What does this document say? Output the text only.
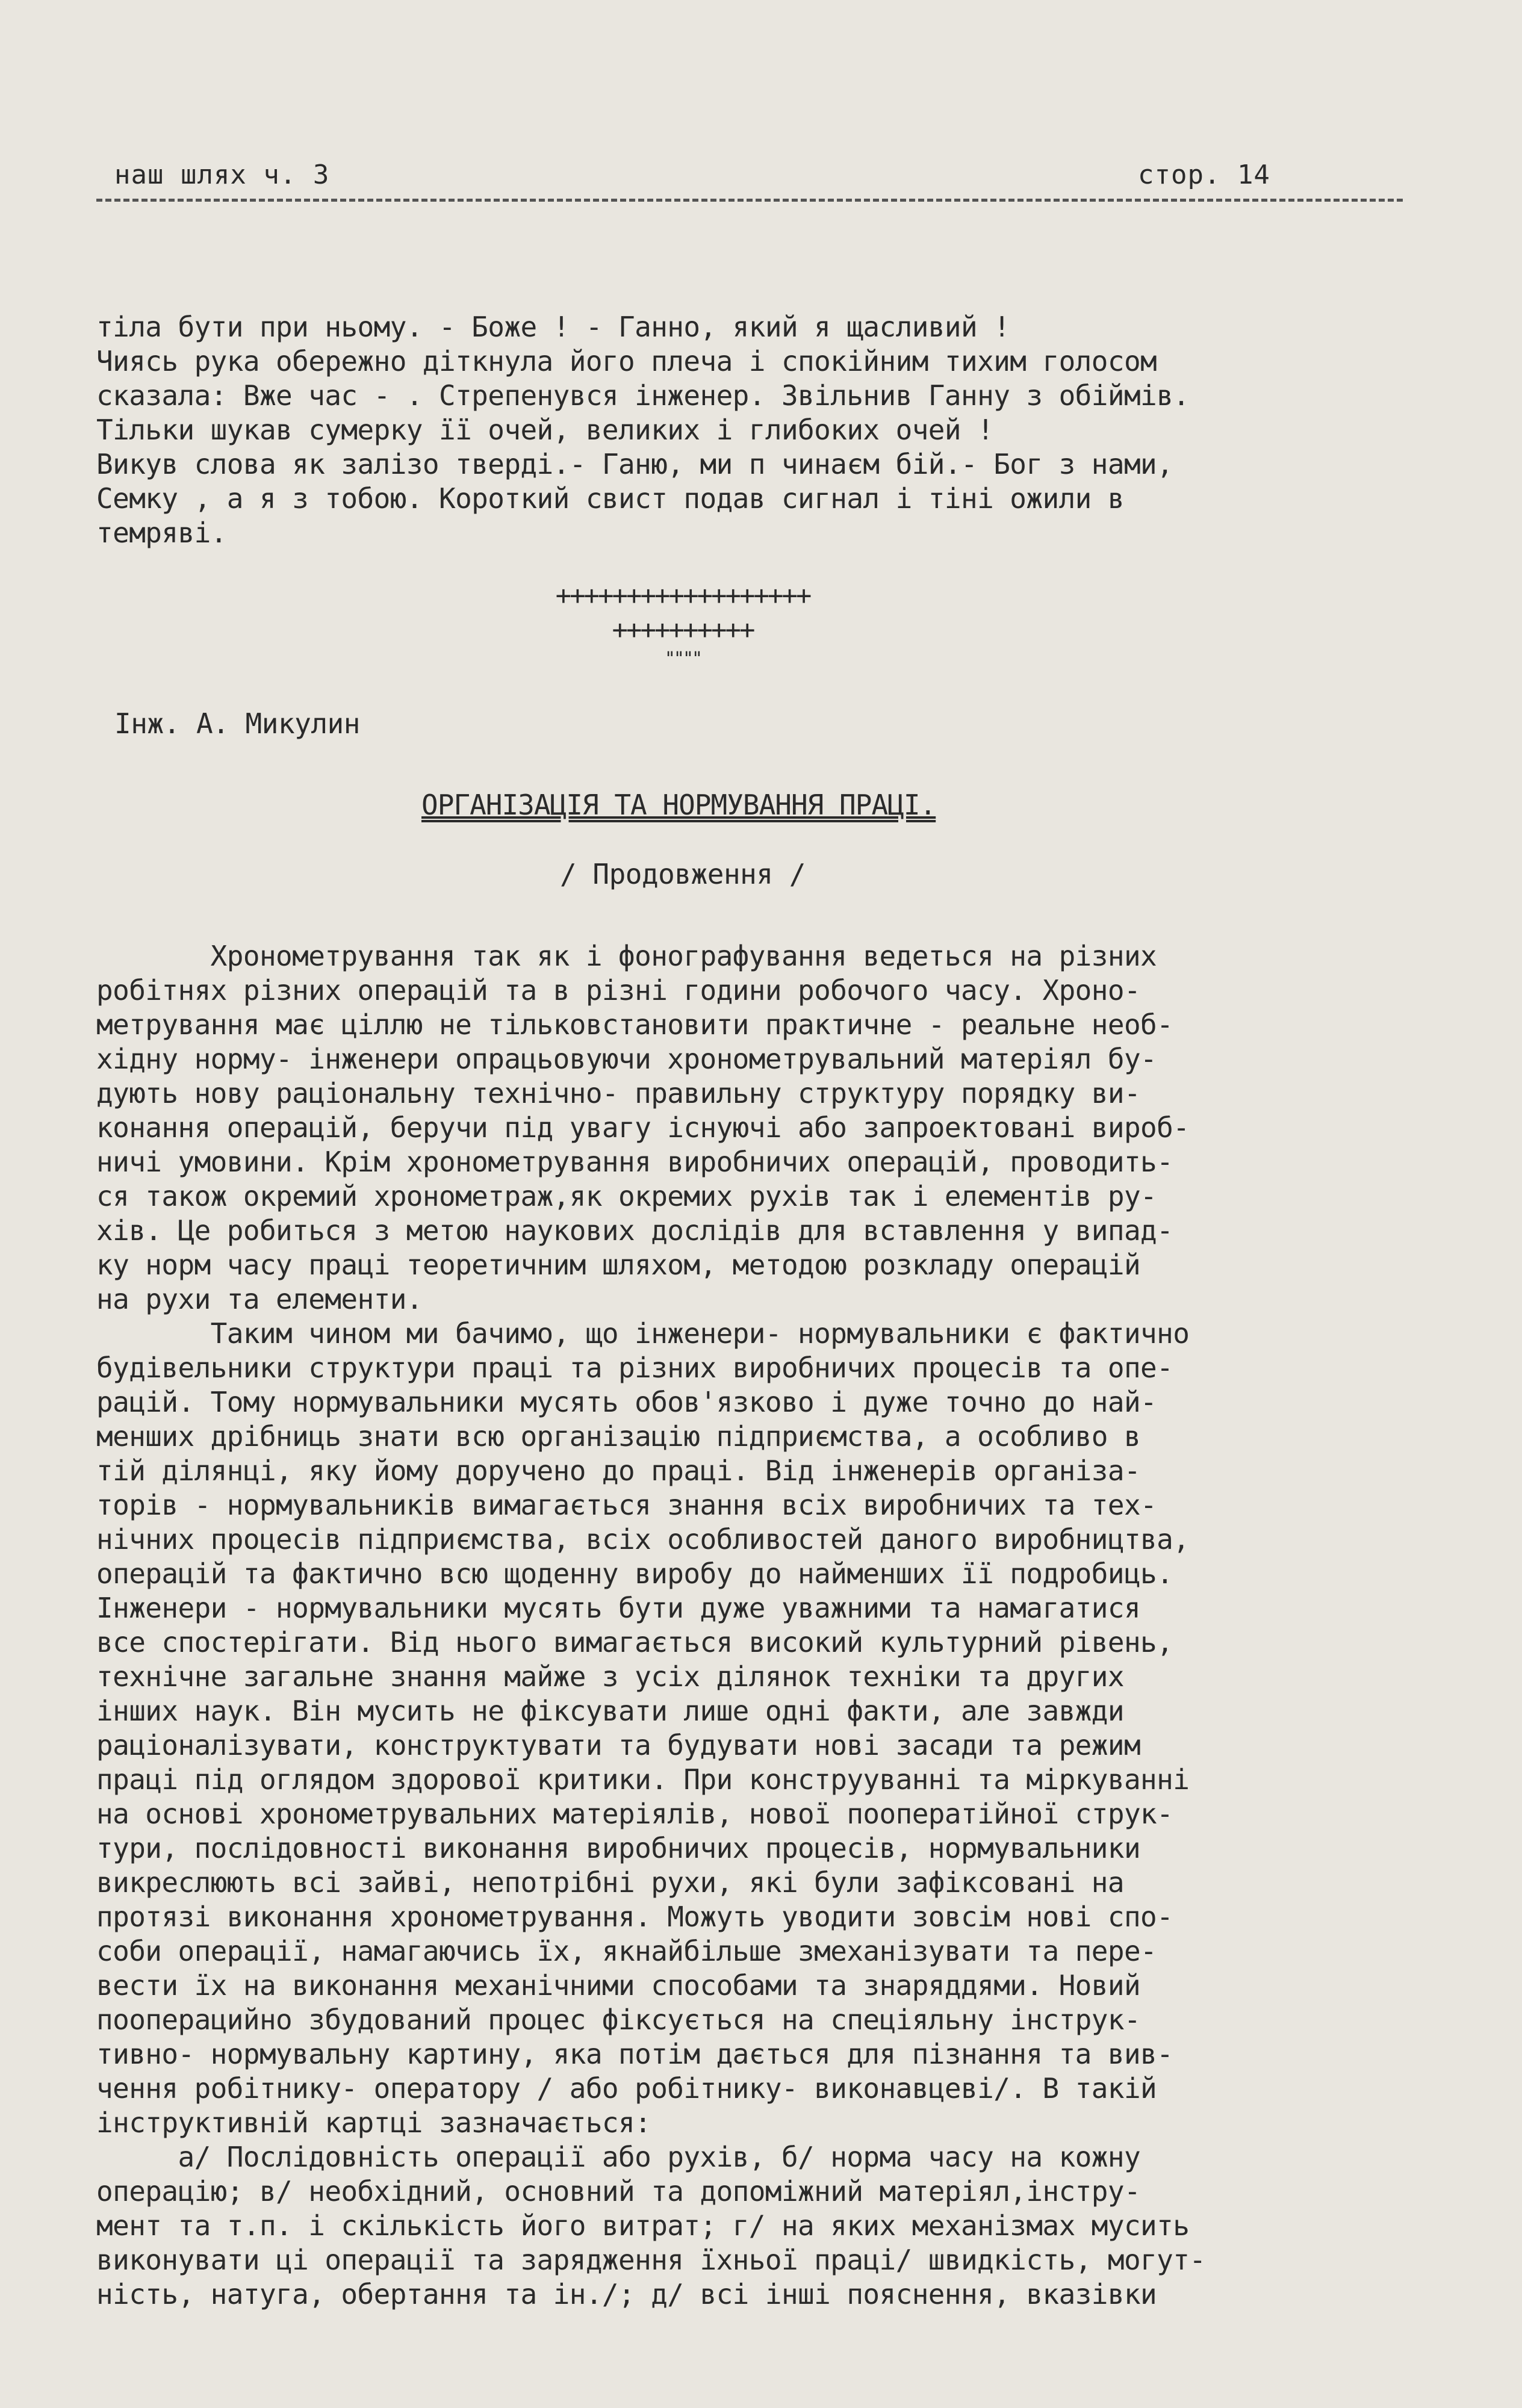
наш шлях ч. 3	стор. 14
тіла бути при ньому. - Боже ! - Ганно, який я щасливий !
Чиясь рука обережно діткнула його плеча і спокійним тихим голосом
сказала: Вже час - . Стрепенувся інженер. Звільнив Ганну з обіймів.
Тільки шукав сумерку її очей, великих і глибоких очей !
Викув слова як залізо тверді.- Ганю, ми п чинаєм бій.- Бог з нами,
Семку , а я з тобою. Короткий свист подав сигнал і тіні ожили в
темряві.
++++++++++++++++++
++++++++++
""""
Інж. А. Микулин
ОРГАНІЗАЦІЯ ТА НОРМУВАННЯ ПРАЦІ.
/ Продовження /
Хронометрування так як і фонографування ведеться на різних
робітнях різних операцій та в різні години робочого часу. Хроно-
метрування має ціллю не тільковстановити практичне - реальне необ-
хідну норму- інженери опрацьовуючи хронометрувальний матеріял бу-
дують нову раціональну технічно- правильну структуру порядку ви-
конання операцій, беручи під увагу існуючі або запроектовані вироб-
ничі умовини. Крім хронометрування виробничих операцій, проводить-
ся також окремий хронометраж,як окремих рухів так і елементів ру-
хів. Це робиться з метою наукових дослідів для вставлення у випад-
ку норм часу праці теоретичним шляхом, методою розкладу операцій
на рухи та елементи.
Таким чином ми бачимо, що інженери- нормувальники є фактично
будівельники структури праці та різних виробничих процесів та опе-
рацій. Тому нормувальники мусять обов'язково і дуже точно до най-
менших дрібниць знати всю організацію підприємства, а особливо в
тій ділянці, яку йому доручено до праці. Від інженерів організа-
торів - нормувальників вимагається знання всіх виробничих та тех-
нічних процесів підприємства, всіх особливостей даного виробництва,
операцій та фактично всю щоденну виробу до найменших її подробиць.
Інженери - нормувальники мусять бути дуже уважними та намагатися
все спостерігати. Від нього вимагається високий культурний рівень,
технічне загальне знання майже з усіх ділянок техніки та других
інших наук. Він мусить не фіксувати лише одні факти, але завжди
раціоналізувати, конструктувати та будувати нові засади та режим
праці під оглядом здорової критики. При конструуванні та міркуванні
на основі хронометрувальних матеріялів, нової пооператійної струк-
тури, послідовності виконання виробничих процесів, нормувальники
викреслюють всі зайві, непотрібні рухи, які були зафіксовані на
протязі виконання хронометрування. Можуть уводити зовсім нові спо-
соби операції, намагаючись їх, якнайбільше змеханізувати та пере-
вести їх на виконання механічними способами та знаряддями. Новий
пооперацийно збудований процес фіксується на спеціяльну інструк-
тивно- нормувальну картину, яка потім дається для пізнання та вив-
чення робітнику- оператору / або робітнику- виконавцеві/. В такій
інструктивній картці зазначається:
а/ Послідовність операції або рухів, б/ норма часу на кожну
операцію; в/ необхідний, основний та допоміжний матеріял,інстру-
мент та т.п. і скількість його витрат; г/ на яких механізмах мусить
виконувати ці операції та зарядження їхньої праці/ швидкість, могут-
ність, натуга, обертання та ін./; д/ всі інші пояснення, вказівки
